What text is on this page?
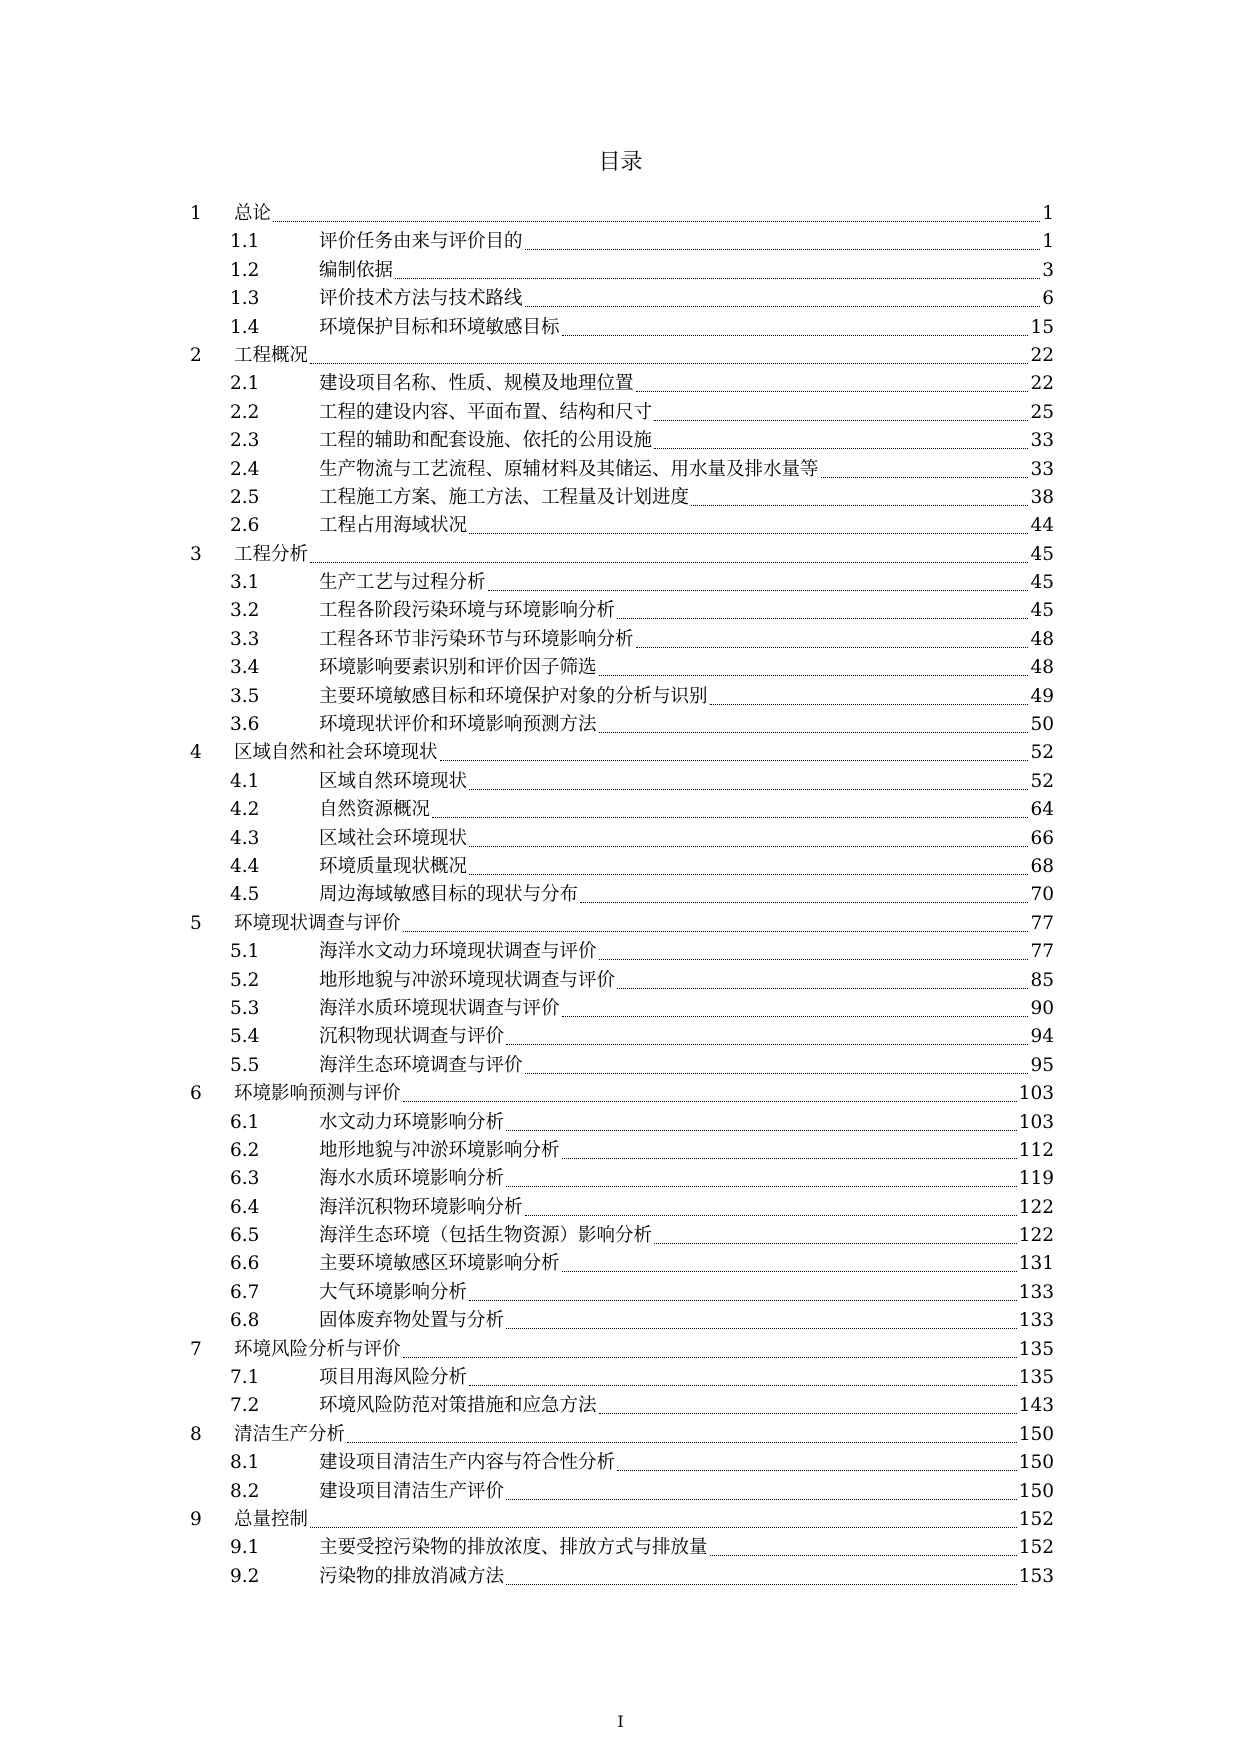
目录
1 总论	1
1.1	评价任务由来与评价目的	1
1.2	编制依据	3
1.3	评价技术方法与技术路线	6
1.4	环境保护目标和环境敏感目标	15
2 工程概况	22
2.1	建设项目名称、性质、规模及地理位置	22
2.2	工程的建设内容、平面布置、结构和尺寸	25
2.3	工程的辅助和配套设施、依托的公用设施	33
2.4	生产物流与工艺流程、原辅材料及其储运、用水量及排水量等	33
2.5	工程施工方案、施工方法、工程量及计划进度	38
2.6	工程占用海域状况	44
3 工程分析	45
3.1	生产工艺与过程分析	45
3.2	工程各阶段污染环境与环境影响分析	45
3.3	工程各环节非污染环节与环境影响分析	48
3.4	环境影响要素识别和评价因子筛选	48
3.5	主要环境敏感目标和环境保护对象的分析与识别	49
3.6	环境现状评价和环境影响预测方法	50
4 区域自然和社会环境现状	52
4.1	区域自然环境现状	52
4.2	自然资源概况	64
4.3	区域社会环境现状	66
4.4	环境质量现状概况	68
4.5	周边海域敏感目标的现状与分布	70
5 环境现状调查与评价	77
5.1	海洋水文动力环境现状调查与评价	77
5.2	地形地貌与冲淤环境现状调查与评价	85
5.3	海洋水质环境现状调查与评价	90
5.4	沉积物现状调查与评价	94
5.5	海洋生态环境调查与评价	95
6 环境影响预测与评价	103
6.1	水文动力环境影响分析	103
6.2	地形地貌与冲淤环境影响分析	112
6.3	海水水质环境影响分析	119
6.4	海洋沉积物环境影响分析	122
6.5	海洋生态环境（包括生物资源）影响分析	122
6.6	主要环境敏感区环境影响分析	131
6.7	大气环境影响分析	133
6.8	固体废弃物处置与分析	133
7 环境风险分析与评价	135
7.1	项目用海风险分析	135
7.2	环境风险防范对策措施和应急方法	143
8 清洁生产分析	150
8.1	建设项目清洁生产内容与符合性分析	150
8.2	建设项目清洁生产评价	150
9 总量控制	152
9.1	主要受控污染物的排放浓度、排放方式与排放量	152
9.2	污染物的排放消减方法	153
I
